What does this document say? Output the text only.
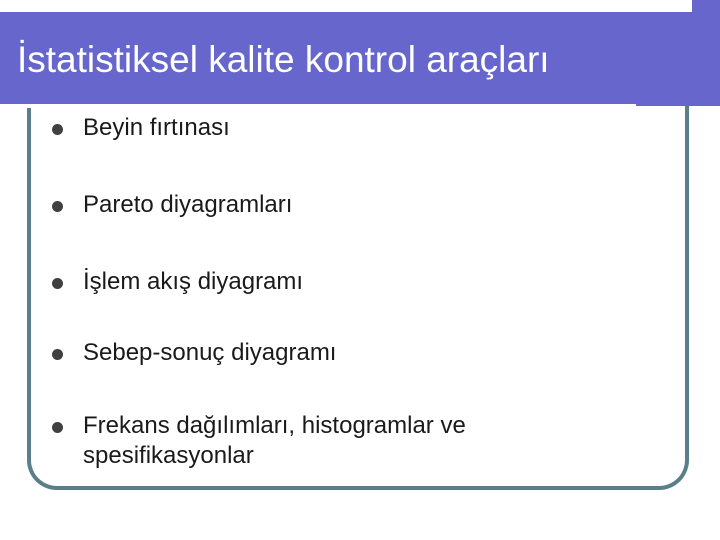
İstatistiksel kalite kontrol araçları
Beyin fırtınası
Pareto diyagramları
İşlem akış diyagramı
Sebep-sonuç diyagramı
Frekans dağılımları, histogramlar ve spesifikasyonlar
